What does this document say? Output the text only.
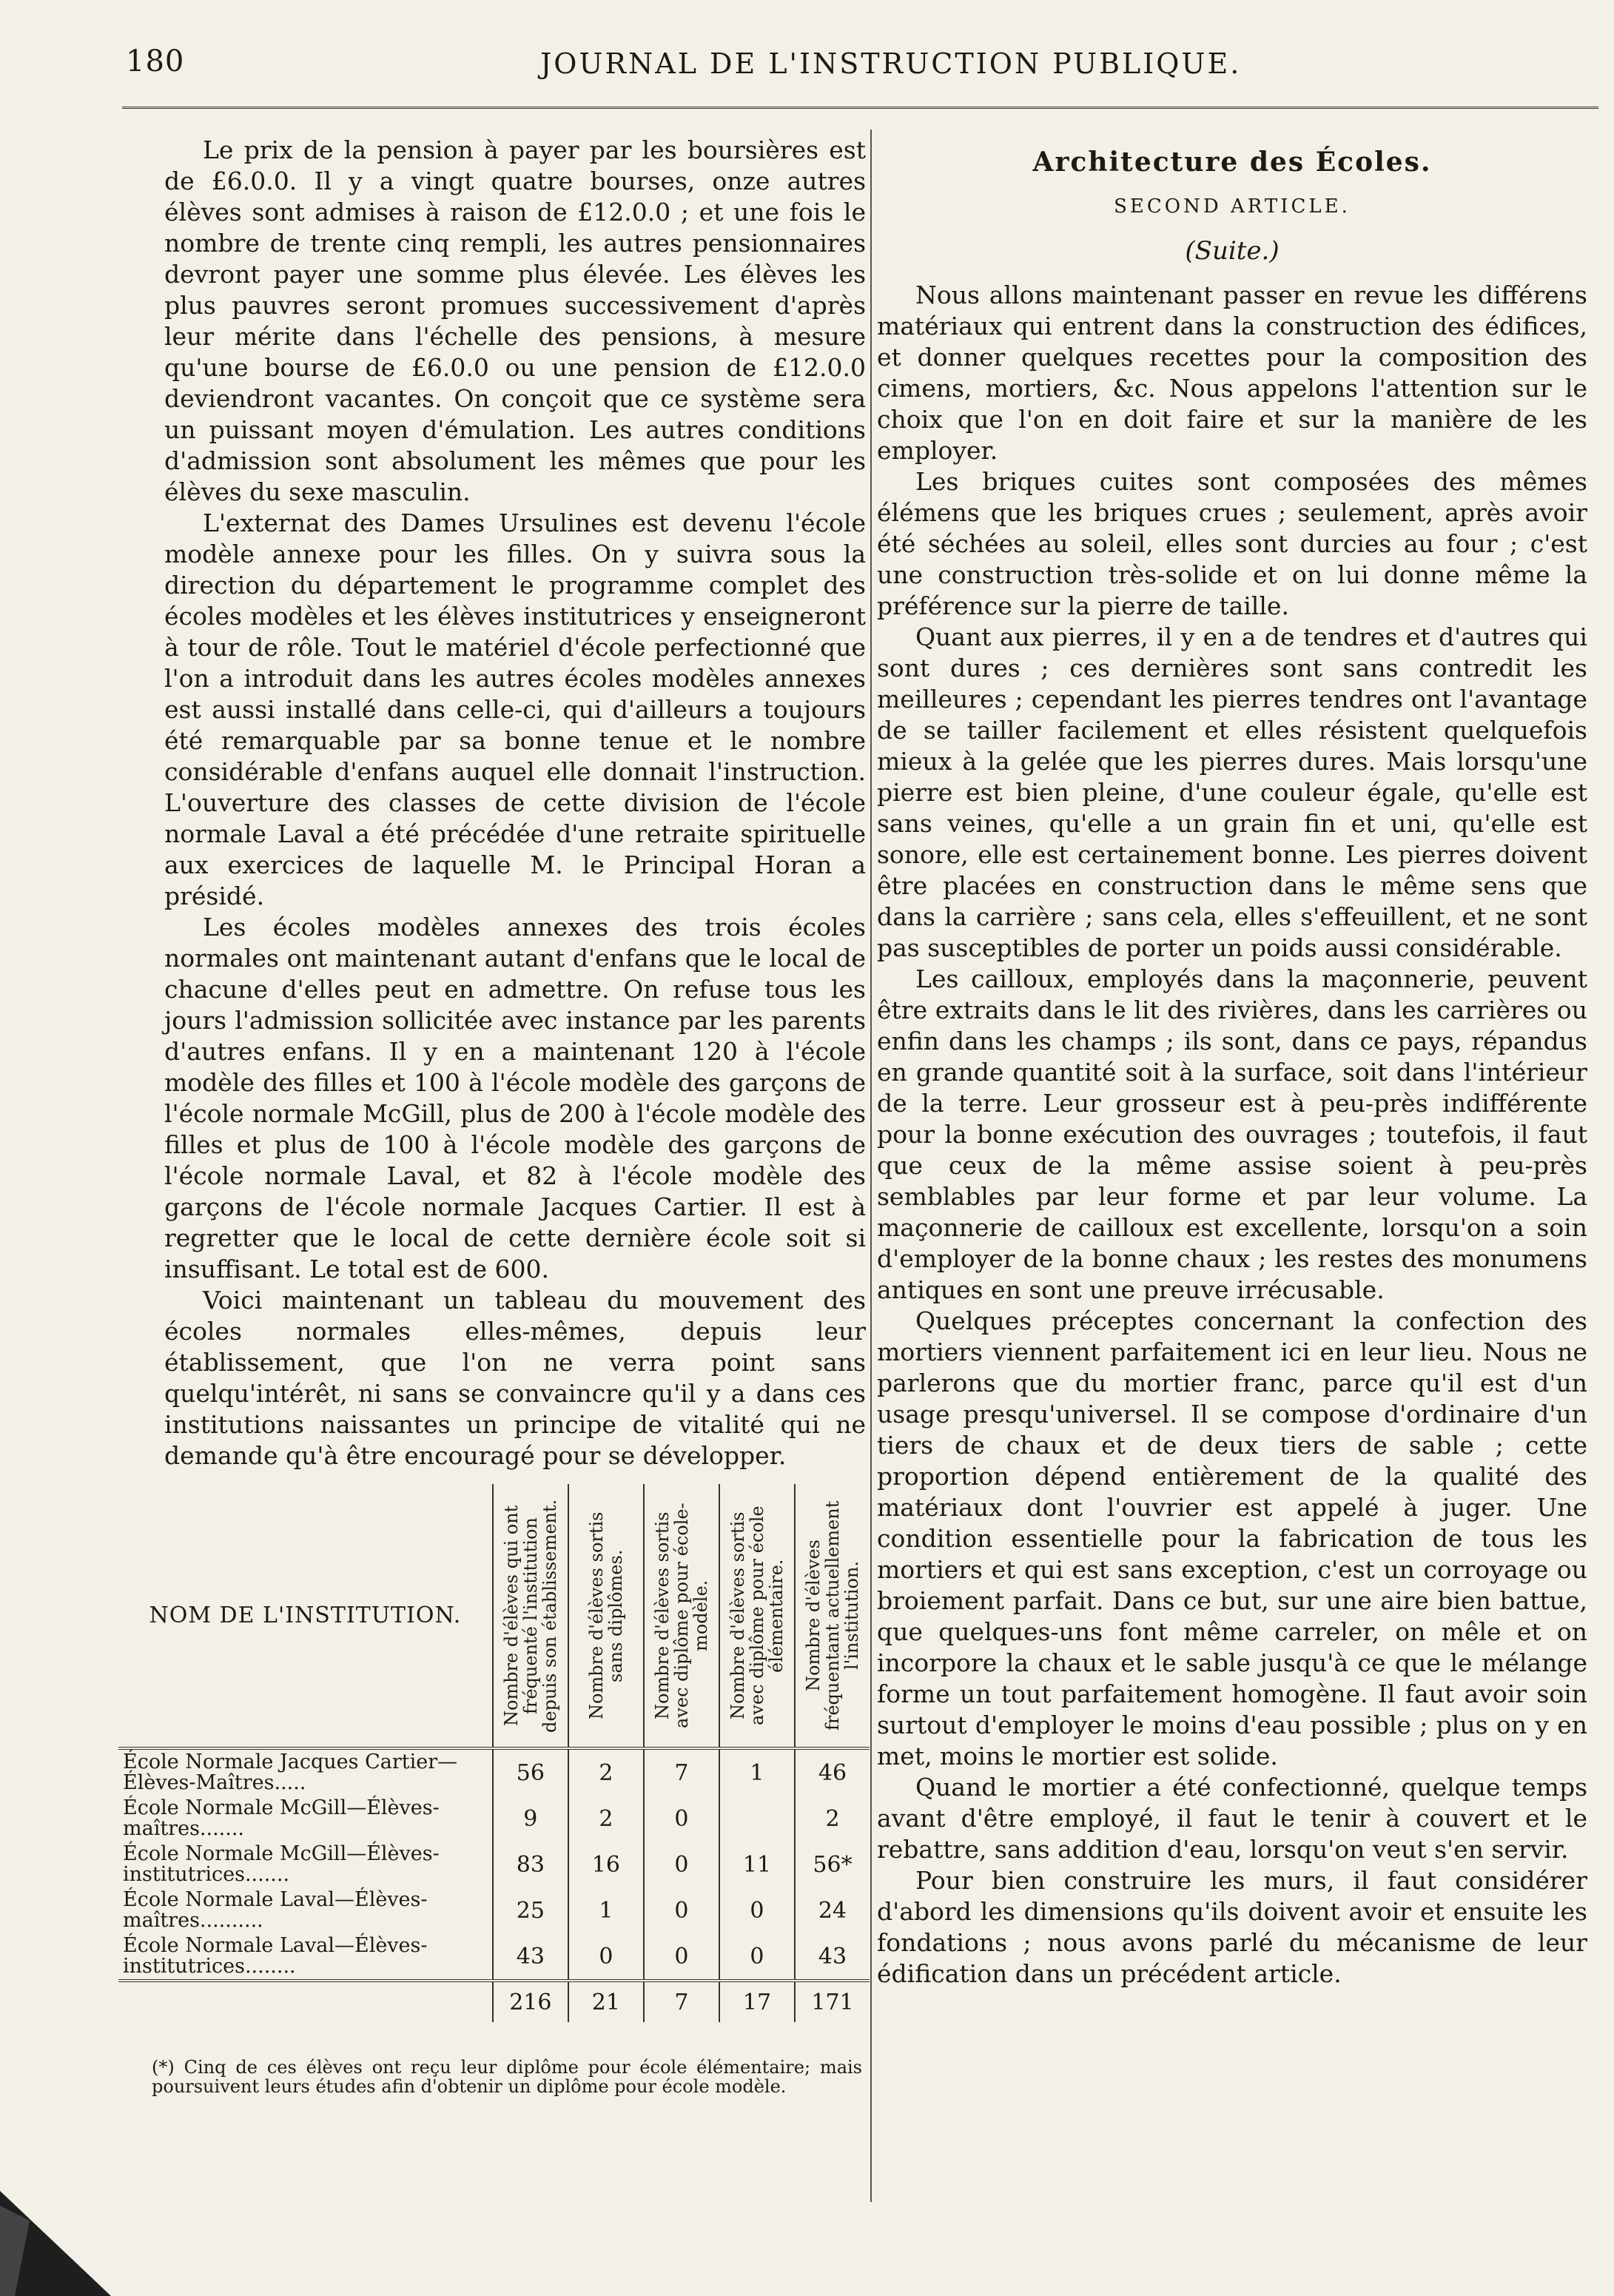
180	JOURNAL DE L'INSTRUCTION PUBLIQUE.

Le prix de la pension à payer par les boursières est de £6.0.0. Il y a vingt quatre bourses, onze autres élèves sont admises à raison de £12.0.0 ; et une fois le nombre de trente cinq rempli, les autres pensionnaires devront payer une somme plus élevée. Les élèves les plus pauvres seront promues successivement d'après leur mérite dans l'échelle des pensions, à mesure qu'une bourse de £6.0.0 ou une pension de £12.0.0 deviendront vacantes. On conçoit que ce système sera un puissant moyen d'émulation. Les autres conditions d'admission sont absolument les mêmes que pour les élèves du sexe masculin.

L'externat des Dames Ursulines est devenu l'école modèle annexe pour les filles. On y suivra sous la direction du département le programme complet des écoles modèles et les élèves institutrices y enseigneront à tour de rôle. Tout le matériel d'école perfectionné que l'on a introduit dans les autres écoles modèles annexes est aussi installé dans celle-ci, qui d'ailleurs a toujours été remarquable par sa bonne tenue et le nombre considérable d'enfans auquel elle donnait l'instruction. L'ouverture des classes de cette division de l'école normale Laval a été précédée d'une retraite spirituelle aux exercices de laquelle M. le Principal Horan a présidé.

Les écoles modèles annexes des trois écoles normales ont maintenant autant d'enfans que le local de chacune d'elles peut en admettre. On refuse tous les jours l'admission sollicitée avec instance par les parents d'autres enfans. Il y en a maintenant 120 à l'école modèle des filles et 100 à l'école modèle des garçons de l'école normale McGill, plus de 200 à l'école modèle des filles et plus de 100 à l'école modèle des garçons de l'école normale Laval, et 82 à l'école modèle des garçons de l'école normale Jacques Cartier. Il est à regretter que le local de cette dernière école soit si insuffisant. Le total est de 600.

Voici maintenant un tableau du mouvement des écoles normales elles-mêmes, depuis leur établissement, que l'on ne verra point sans quelqu'intérêt, ni sans se convaincre qu'il y a dans ces institutions naissantes un principe de vitalité qui ne demande qu'à être encouragé pour se développer.

NOM DE L'INSTITUTION.	Nombre d'élèves qui ont fréquenté l'institution depuis son établissement.	Nombre d'élèves sortis sans diplômes.	Nombre d'élèves sortis avec diplôme pour école-modèle.	Nombre d'élèves sortis avec diplôme pour école élémentaire.	Nombre d'élèves fréquentant actuellement l'institution.

École Normale Jacques Cartier—Élèves-Maîtres.....	56	2	7	1	46
École Normale McGill—Élèves-maîtres.......	9	2	0		2
École Normale McGill—Élèves-institutrices.......	83	16	0	11	56*
École Normale Laval—Élèves-maîtres..........	25	1	0	0	24
École Normale Laval—Élèves-institutrices........	43	0	0	0	43
	216	21	7	17	171
(*) Cinq de ces élèves ont reçu leur diplôme pour école élémentaire; mais poursuivent leurs études afin d'obtenir un diplôme pour école modèle.
Architecture des Écoles.
SECOND ARTICLE.
(Suite.)

Nous allons maintenant passer en revue les différens matériaux qui entrent dans la construction des édifices, et donner quelques recettes pour la composition des cimens, mortiers, &c. Nous appelons l'attention sur le choix que l'on en doit faire et sur la manière de les employer.

Les briques cuites sont composées des mêmes élémens que les briques crues ; seulement, après avoir été séchées au soleil, elles sont durcies au four ; c'est une construction très-solide et on lui donne même la préférence sur la pierre de taille.

Quant aux pierres, il y en a de tendres et d'autres qui sont dures ; ces dernières sont sans contredit les meilleures ; cependant les pierres tendres ont l'avantage de se tailler facilement et elles résistent quelquefois mieux à la gelée que les pierres dures. Mais lorsqu'une pierre est bien pleine, d'une couleur égale, qu'elle est sans veines, qu'elle a un grain fin et uni, qu'elle est sonore, elle est certainement bonne. Les pierres doivent être placées en construction dans le même sens que dans la carrière ; sans cela, elles s'effeuillent, et ne sont pas susceptibles de porter un poids aussi considérable.

Les cailloux, employés dans la maçonnerie, peuvent être extraits dans le lit des rivières, dans les carrières ou enfin dans les champs ; ils sont, dans ce pays, répandus en grande quantité soit à la surface, soit dans l'intérieur de la terre. Leur grosseur est à peu-près indifférente pour la bonne exécution des ouvrages ; toutefois, il faut que ceux de la même assise soient à peu-près semblables par leur forme et par leur volume. La maçonnerie de cailloux est excellente, lorsqu'on a soin d'employer de la bonne chaux ; les restes des monumens antiques en sont une preuve irrécusable.

Quelques préceptes concernant la confection des mortiers viennent parfaitement ici en leur lieu. Nous ne parlerons que du mortier franc, parce qu'il est d'un usage presqu'universel. Il se compose d'ordinaire d'un tiers de chaux et de deux tiers de sable ; cette proportion dépend entièrement de la qualité des matériaux dont l'ouvrier est appelé à juger. Une condition essentielle pour la fabrication de tous les mortiers et qui est sans exception, c'est un corroyage ou broiement parfait. Dans ce but, sur une aire bien battue, que quelques-uns font même carreler, on mêle et on incorpore la chaux et le sable jusqu'à ce que le mélange forme un tout parfaitement homogène. Il faut avoir soin surtout d'employer le moins d'eau possible ; plus on y en met, moins le mortier est solide.

Quand le mortier a été confectionné, quelque temps avant d'être employé, il faut le tenir à couvert et le rebattre, sans addition d'eau, lorsqu'on veut s'en servir.

Pour bien construire les murs, il faut considérer d'abord les dimensions qu'ils doivent avoir et ensuite les fondations ; nous avons parlé du mécanisme de leur édification dans un précédent article.
